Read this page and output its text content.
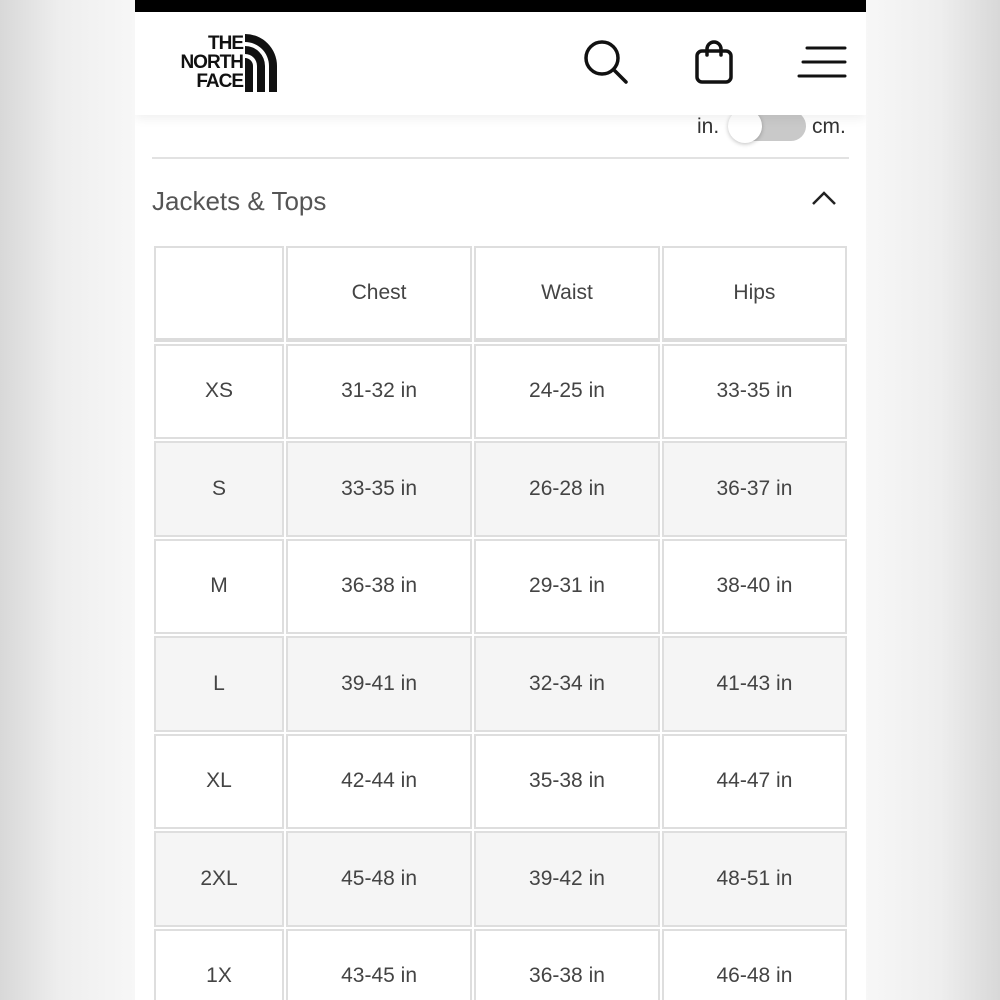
THE
NORTH
FACE
in.	cm.
Jackets & Tops
	Chest	Waist	Hips
XS	31-32 in	24-25 in	33-35 in
S	33-35 in	26-28 in	36-37 in
M	36-38 in	29-31 in	38-40 in
L	39-41 in	32-34 in	41-43 in
XL	42-44 in	35-38 in	44-47 in
2XL	45-48 in	39-42 in	48-51 in
1X	43-45 in	36-38 in	46-48 in
